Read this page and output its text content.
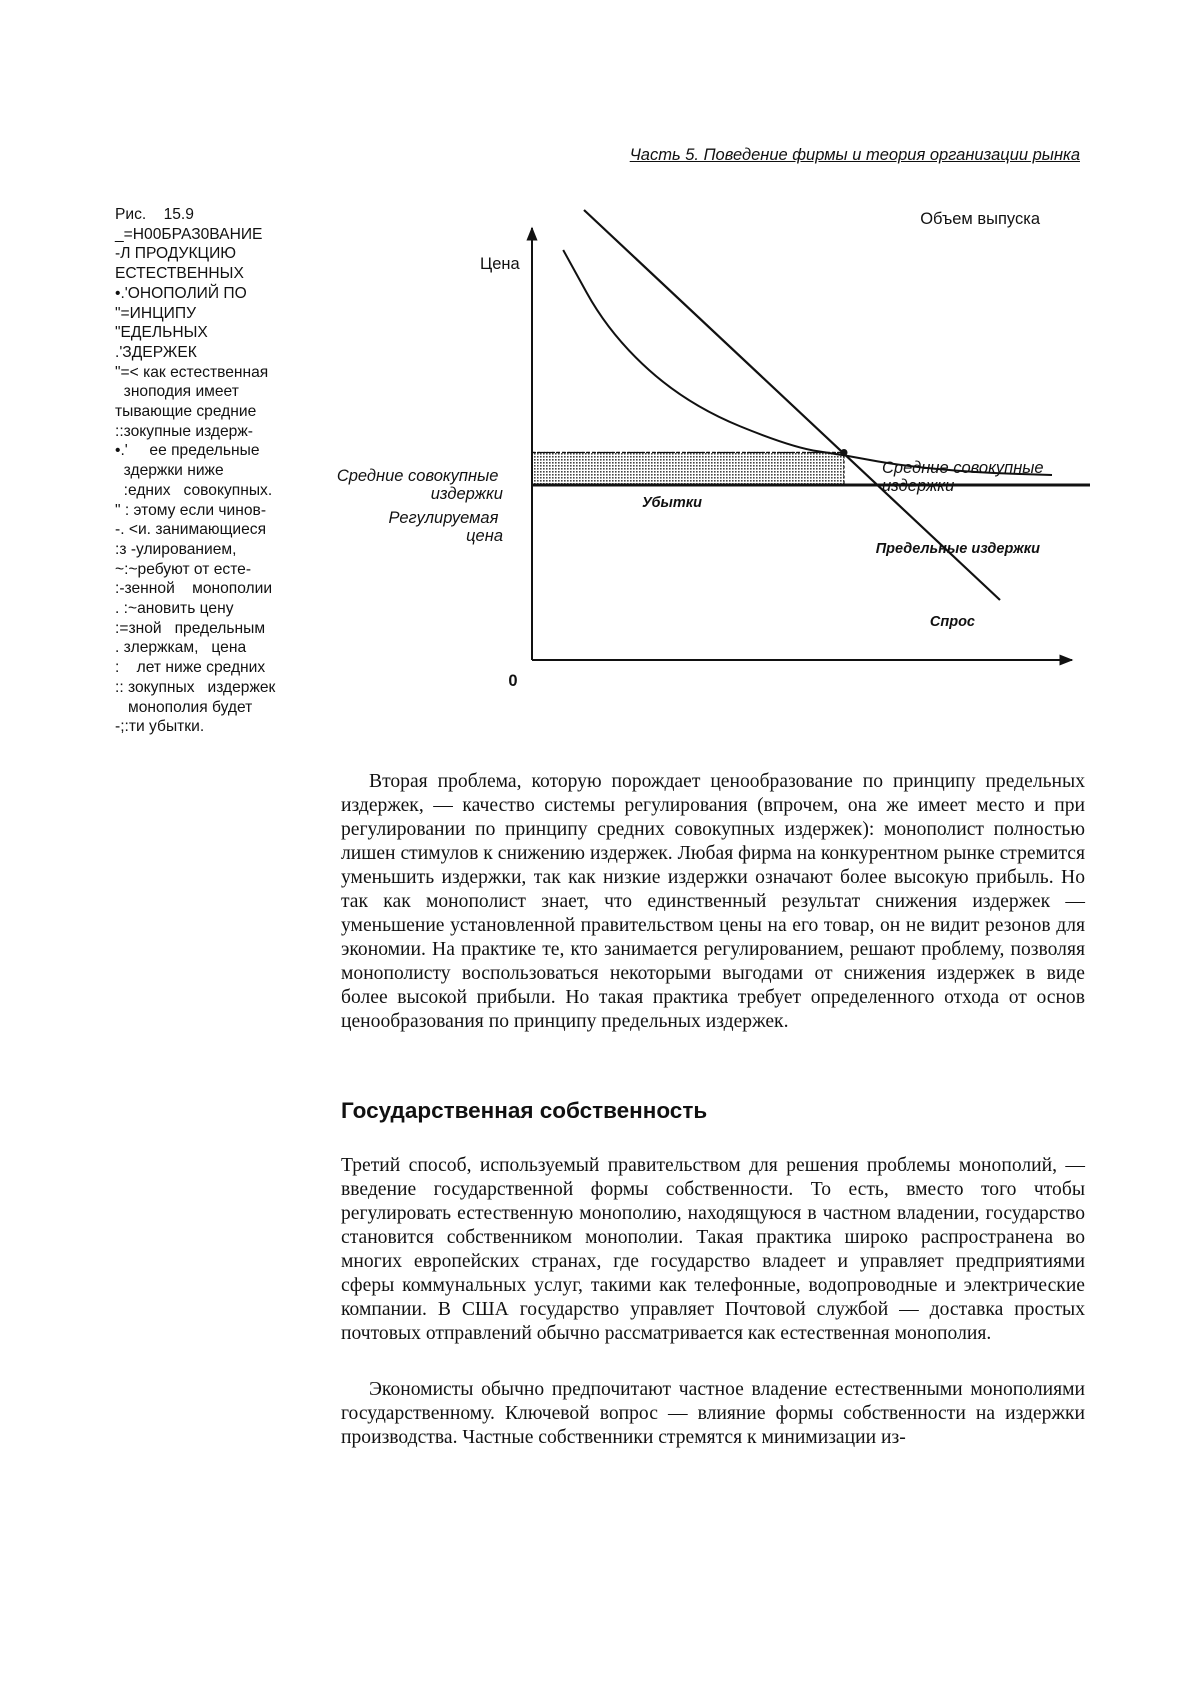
Часть 5. Поведение фирмы и теория организации рынка
Рис.    15.9
_=Н00БРАЗ0ВАНИЕ
-Л ПРОДУКЦИЮ
ЕСТЕСТВЕННЫХ
•.'ОНОПОЛИЙ ПО
"=ИНЦИПУ
"ЕДЕЛЬНЫХ
.'ЗДЕРЖЕК
"=< как естественная
зноподия имеет
тывающие средние
::зокупные издерж-
•.'     ее предельные
здержки ниже
:едних   совокупных.
" : этому если чинов-
-. <и. занимающиеся
:з -улированием,
~:~ребуют от есте-
:-зенной    монополии
. :~ановить цену
:=зной   предельным
. злержкам,   цена
:    лет ниже средних
:: зокупных   издержек
монополия будет
-;:ти убытки.
Цена
Объем выпуска
0
Средние совокупные издержки
Предельные издержки
Спрос
Убытки
Средние совокупные издержки
Регулируемая цена

Вторая проблема, которую порождает ценообразование по принципу предельных издержек, — качество системы регулирования (впрочем, она же имеет место и при регулировании по принципу средних совокупных издержек): монополист полностью лишен стимулов к снижению издержек. Любая фирма на конкурентном рынке стремится уменьшить издержки, так как низкие издержки означают более высокую прибыль. Но так как монополист знает, что единственный результат снижения издержек — уменьшение установленной правительством цены на его товар, он не видит резонов для экономии. На практике те, кто занимается регулированием, решают проблему, позволяя монополисту воспользоваться некоторыми выгодами от снижения издержек в виде более высокой прибыли. Но такая практика требует определенного отхода от основ ценообразования по принципу предельных издержек.

Государственная собственность

Третий способ, используемый правительством для решения проблемы монополий, — введение государственной формы собственности. То есть, вместо того чтобы регулировать естественную монополию, находящуюся в частном владении, государство становится собственником монополии. Такая практика широко распространена во многих европейских странах, где государство владеет и управляет предприятиями сферы коммунальных услуг, такими как телефонные, водопроводные и электрические компании. В США государство управляет Почтовой службой — доставка простых почтовых отправлений обычно рассматривается как естественная монополия.

Экономисты обычно предпочитают частное владение естественными монополиями государственному. Ключевой вопрос — влияние формы собственности на издержки производства. Частные собственники стремятся к минимизации из-
